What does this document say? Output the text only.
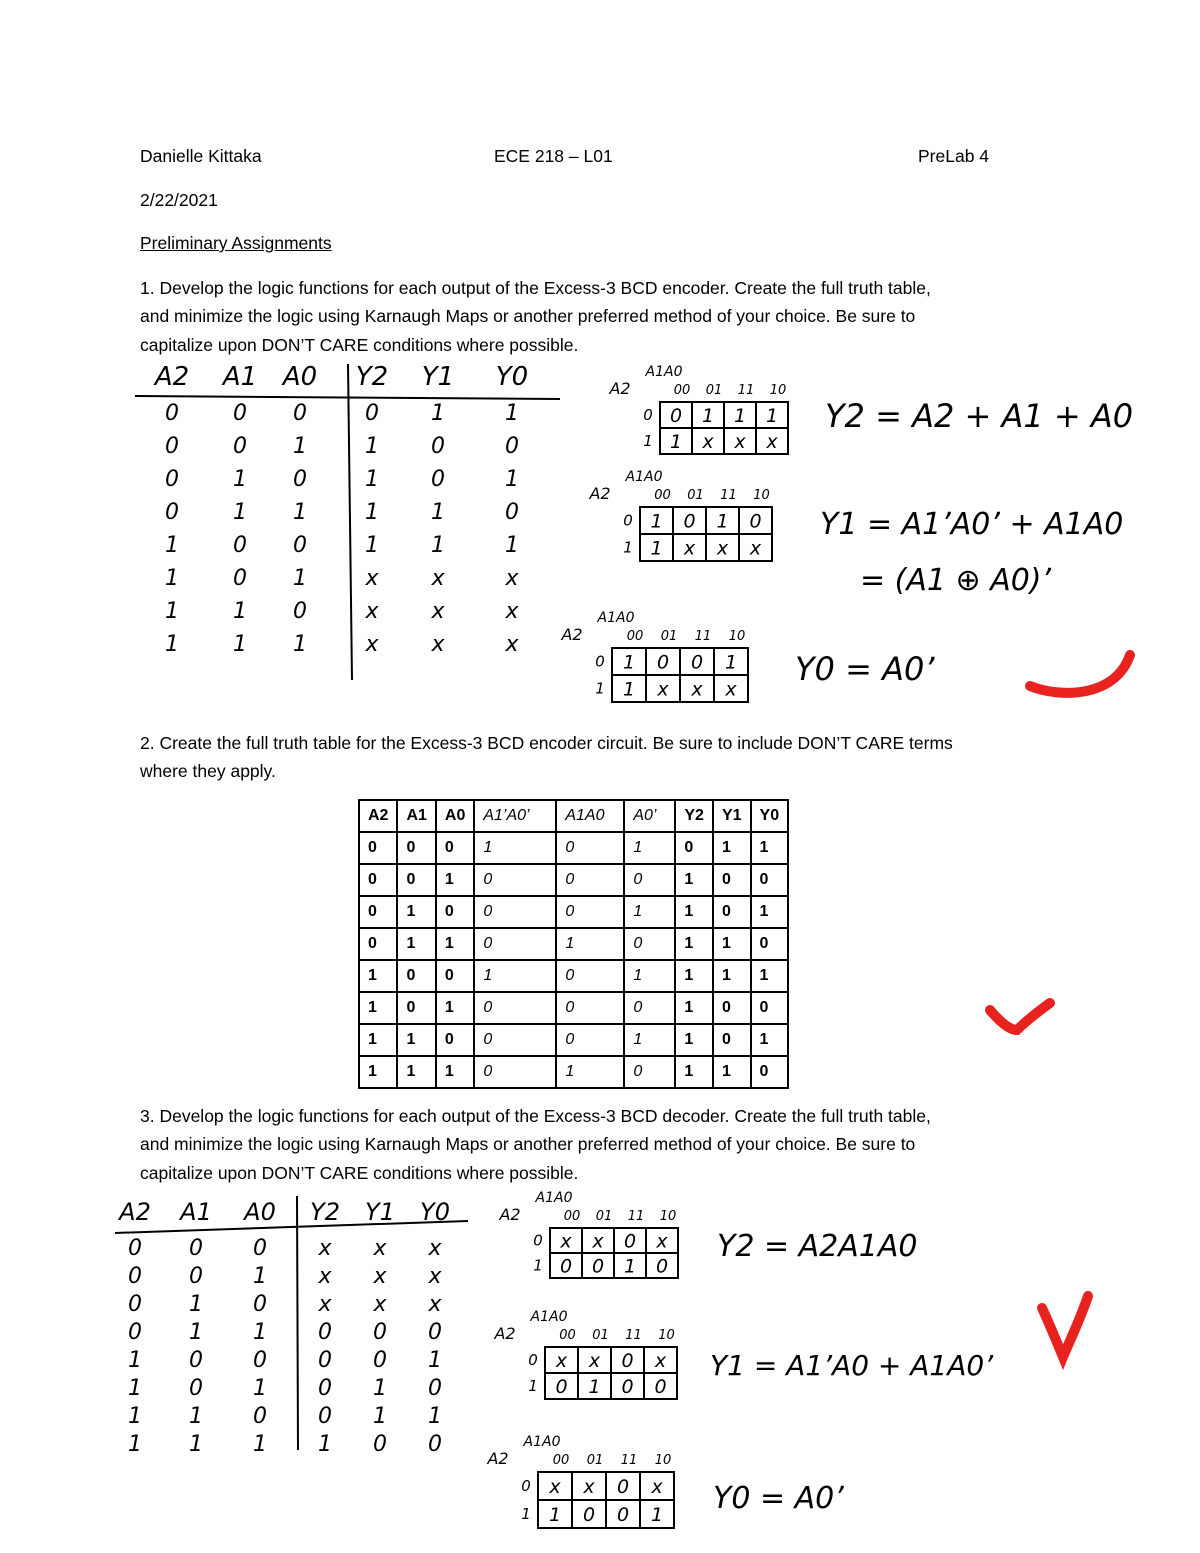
Danielle Kittaka	ECE 218 – L01	PreLab 4
2/22/2021
Preliminary Assignments
1. Develop the logic functions for each output of the Excess-3 BCD encoder. Create the full truth table,
and minimize the logic using Karnaugh Maps or another preferred method of your choice. Be sure to
capitalize upon DON’T CARE conditions where possible.
2. Create the full truth table for the Excess-3 BCD encoder circuit. Be sure to include DON’T CARE terms
where they apply.
A2	A1	A0	A1’A0’	A1A0	A0’	Y2	Y1	Y0
0	0	0	1	0	1	0	1	1
0	0	1	0	0	0	1	0	0
0	1	0	0	0	1	1	0	1
0	1	1	0	1	0	1	1	0
1	0	0	1	0	1	1	1	1
1	0	1	0	0	0	1	0	0
1	1	0	0	0	1	1	0	1
1	1	1	0	1	0	1	1	0
3. Develop the logic functions for each output of the Excess-3 BCD decoder. Create the full truth table,
and minimize the logic using Karnaugh Maps or another preferred method of your choice. Be sure to
capitalize upon DON’T CARE conditions where possible.
A2 A1 A0 Y2 Y1 Y0
0 0 0	0 1	1
0 0 1	1 0	0
0 1 0	1 0	1
0 1 1	1 1	0
1 0 0	1 1	1
1 0 1	x x	x
1 1 0	x x	x
1 1 1	x x	x
A2 A1 A0 Y2 Y1 Y0
0 0 0 x x x
0 0 1 x x x
0 1 0 x x x
0 1 1 0 0 0
1 0 0 0 0 1
1 0 1 0 1 0
1 1 0 0 1 1
1 1 1 1 0 0
00 01 11 10
0
1
A1A0
A2
0 1 1 1
1 x x x
00 01 11 10
0
1
A1A0
A2
1 0 1 0
1 x x x
00 01 11 10
0
1
A1A0
A2
1 0 0 1
1 x x x
00 01 11 10
0
1
A1A0
A2
x x 0 x
0 0 1 0
00 01 11 10
0
1
A1A0
A2
x x 0 x
0 1 0 0
00 01 11 10
0
1
A1A0
A2
x x 0 x
1 0 0 1
Y2 = A2 + A1 + A0
Y1 = A1’A0’ + A1A0
= (A1 ⊕ A0)’
Y0 = A0’
Y2 = A2A1A0
Y1 = A1’A0 + A1A0’
Y0 = A0’
